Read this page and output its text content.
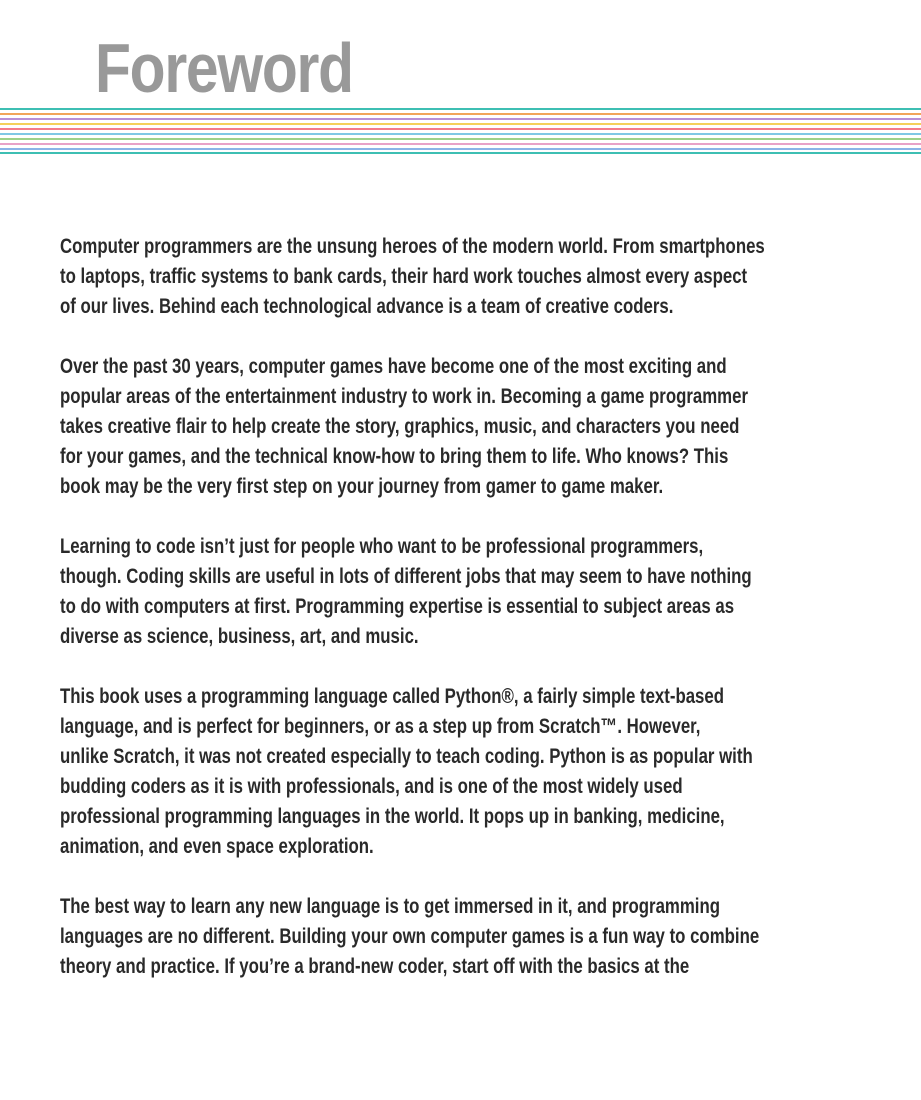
Foreword

Computer programmers are the unsung heroes of the modern world. From smartphones
to laptops, traffic systems to bank cards, their hard work touches almost every aspect
of our lives. Behind each technological advance is a team of creative coders.

Over the past 30 years, computer games have become one of the most exciting and
popular areas of the entertainment industry to work in. Becoming a game programmer
takes creative flair to help create the story, graphics, music, and characters you need
for your games, and the technical know-how to bring them to life. Who knows? This
book may be the very first step on your journey from gamer to game maker.

Learning to code isn’t just for people who want to be professional programmers,
though. Coding skills are useful in lots of different jobs that may seem to have nothing
to do with computers at first. Programming expertise is essential to subject areas as
diverse as science, business, art, and music.

This book uses a programming language called Python®, a fairly simple text-based
language, and is perfect for beginners, or as a step up from Scratch™. However,
unlike Scratch, it was not created especially to teach coding. Python is as popular with
budding coders as it is with professionals, and is one of the most widely used
professional programming languages in the world. It pops up in banking, medicine,
animation, and even space exploration.

The best way to learn any new language is to get immersed in it, and programming
languages are no different. Building your own computer games is a fun way to combine
theory and practice. If you’re a brand-new coder, start off with the basics at the
